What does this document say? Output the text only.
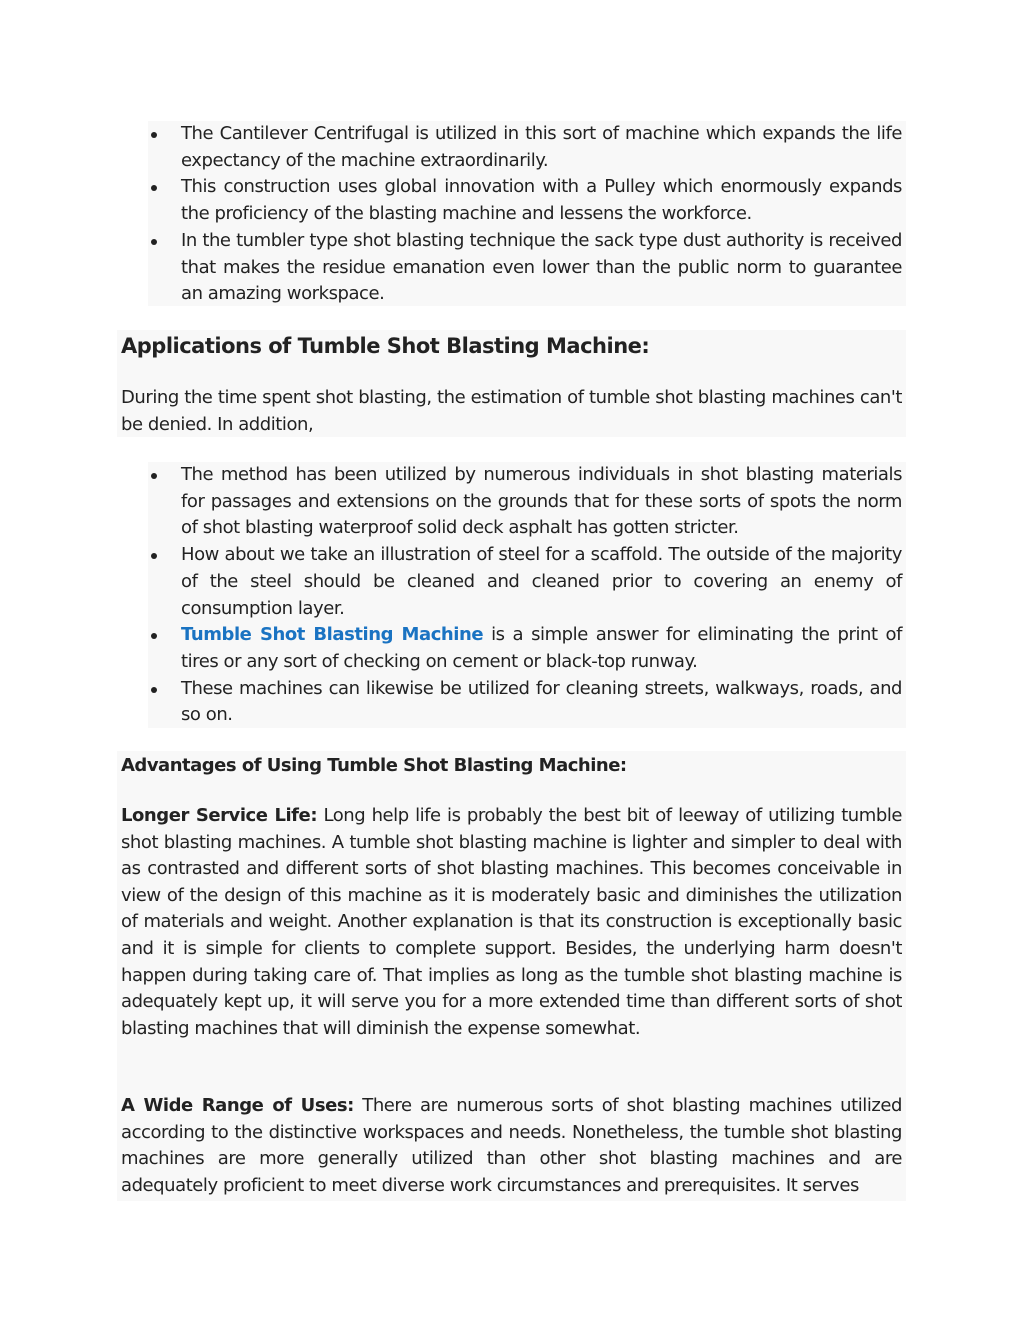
The Cantilever Centrifugal is utilized in this sort of machine which expands the life expectancy of the machine extraordinarily.
This construction uses global innovation with a Pulley which enormously expands the proficiency of the blasting machine and lessens the workforce.
In the tumbler type shot blasting technique the sack type dust authority is received that makes the residue emanation even lower than the public norm to guarantee an amazing workspace.
Applications of Tumble Shot Blasting Machine:
During the time spent shot blasting, the estimation of tumble shot blasting machines can't be denied. In addition,
The method has been utilized by numerous individuals in shot blasting materials for passages and extensions on the grounds that for these sorts of spots the norm of shot blasting waterproof solid deck asphalt has gotten stricter.
How about we take an illustration of steel for a scaffold. The outside of the majority of the steel should be cleaned and cleaned prior to covering an enemy of consumption layer.
Tumble Shot Blasting Machine is a simple answer for eliminating the print of tires or any sort of checking on cement or black-top runway.
These machines can likewise be utilized for cleaning streets, walkways, roads, and so on.
Advantages of Using Tumble Shot Blasting Machine:
Longer Service Life: Long help life is probably the best bit of leeway of utilizing tumble shot blasting machines. A tumble shot blasting machine is lighter and simpler to deal with as contrasted and different sorts of shot blasting machines. This becomes conceivable in view of the design of this machine as it is moderately basic and diminishes the utilization of materials and weight. Another explanation is that its construction is exceptionally basic and it is simple for clients to complete support. Besides, the underlying harm doesn't happen during taking care of. That implies as long as the tumble shot blasting machine is adequately kept up, it will serve you for a more extended time than different sorts of shot blasting machines that will diminish the expense somewhat.
A Wide Range of Uses: There are numerous sorts of shot blasting machines utilized according to the distinctive workspaces and needs. Nonetheless, the tumble shot blasting machines are more generally utilized than other shot blasting machines and are adequately proficient to meet diverse work circumstances and prerequisites. It serves
